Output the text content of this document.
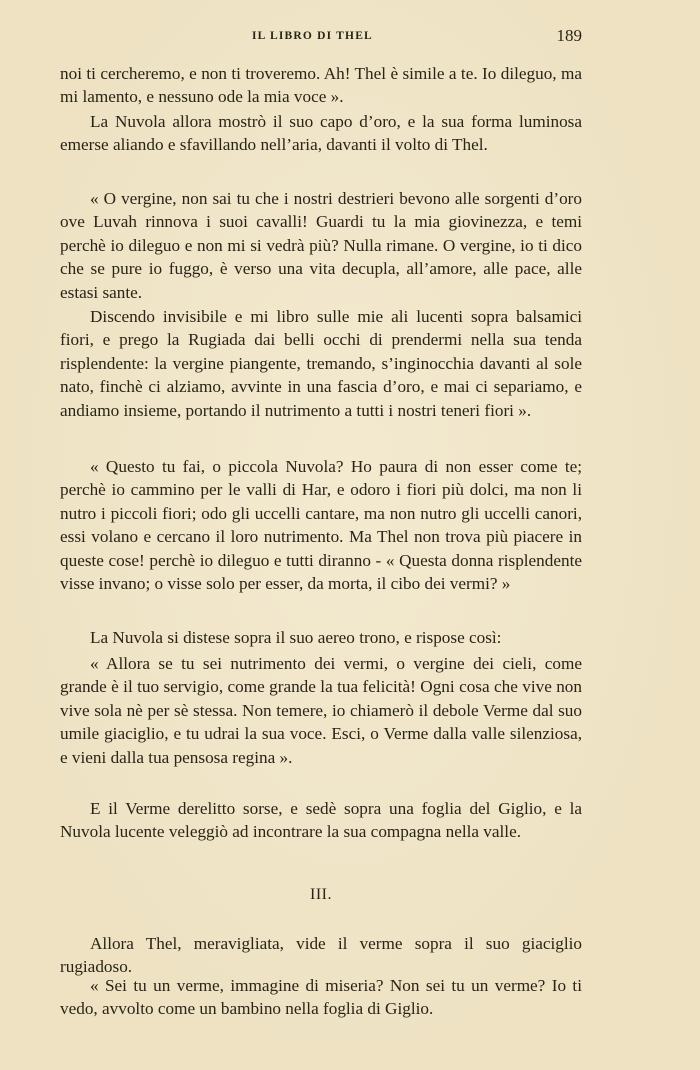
IL LIBRO DI THEL	189

noi ti cercheremo, e non ti troveremo. Ah! Thel è simile a te. Io dileguo, ma mi lamento, e nessuno ode la mia voce ».

La Nuvola allora mostrò il suo capo d’oro, e la sua forma luminosa emerse aliando e sfavillando nell’aria, davanti il volto di Thel.

« O vergine, non sai tu che i nostri destrieri bevono alle sorgenti d’oro ove Luvah rinnova i suoi cavalli! Guardi tu la mia giovinezza, e temi perchè io dileguo e non mi si vedrà più? Nulla rimane. O vergine, io ti dico che se pure io fuggo, è verso una vita decupla, all’amore, alle pace, alle estasi sante.

Discendo invisibile e mi libro sulle mie ali lucenti sopra balsamici fiori, e prego la Rugiada dai belli occhi di prendermi nella sua tenda risplendente: la vergine piangente, tremando, s’inginocchia davanti al sole nato, finchè ci alziamo, avvinte in una fascia d’oro, e mai ci separiamo, e andiamo insieme, portando il nutrimento a tutti i nostri teneri fiori ».

« Questo tu fai, o piccola Nuvola? Ho paura di non esser come te; perchè io cammino per le valli di Har, e odoro i fiori più dolci, ma non li nutro i piccoli fiori; odo gli uccelli cantare, ma non nutro gli uccelli canori, essi volano e cercano il loro nutrimento. Ma Thel non trova più piacere in queste cose! perchè io dileguo e tutti diranno - « Questa donna risplendente visse invano; o visse solo per esser, da morta, il cibo dei vermi? »

La Nuvola si distese sopra il suo aereo trono, e rispose così:

« Allora se tu sei nutrimento dei vermi, o vergine dei cieli, come grande è il tuo servigio, come grande la tua felicità! Ogni cosa che vive non vive sola nè per sè stessa. Non temere, io chiamerò il debole Verme dal suo umile giaciglio, e tu udrai la sua voce. Esci, o Verme dalla valle silenziosa, e vieni dalla tua pensosa regina ».

E il Verme derelitto sorse, e sedè sopra una foglia del Giglio, e la Nuvola lucente veleggiò ad incontrare la sua compagna nella valle.

III.

Allora Thel, meravigliata, vide il verme sopra il suo giaciglio rugiadoso.

« Sei tu un verme, immagine di miseria? Non sei tu un verme? Io ti vedo, avvolto come un bambino nella foglia di Giglio.
